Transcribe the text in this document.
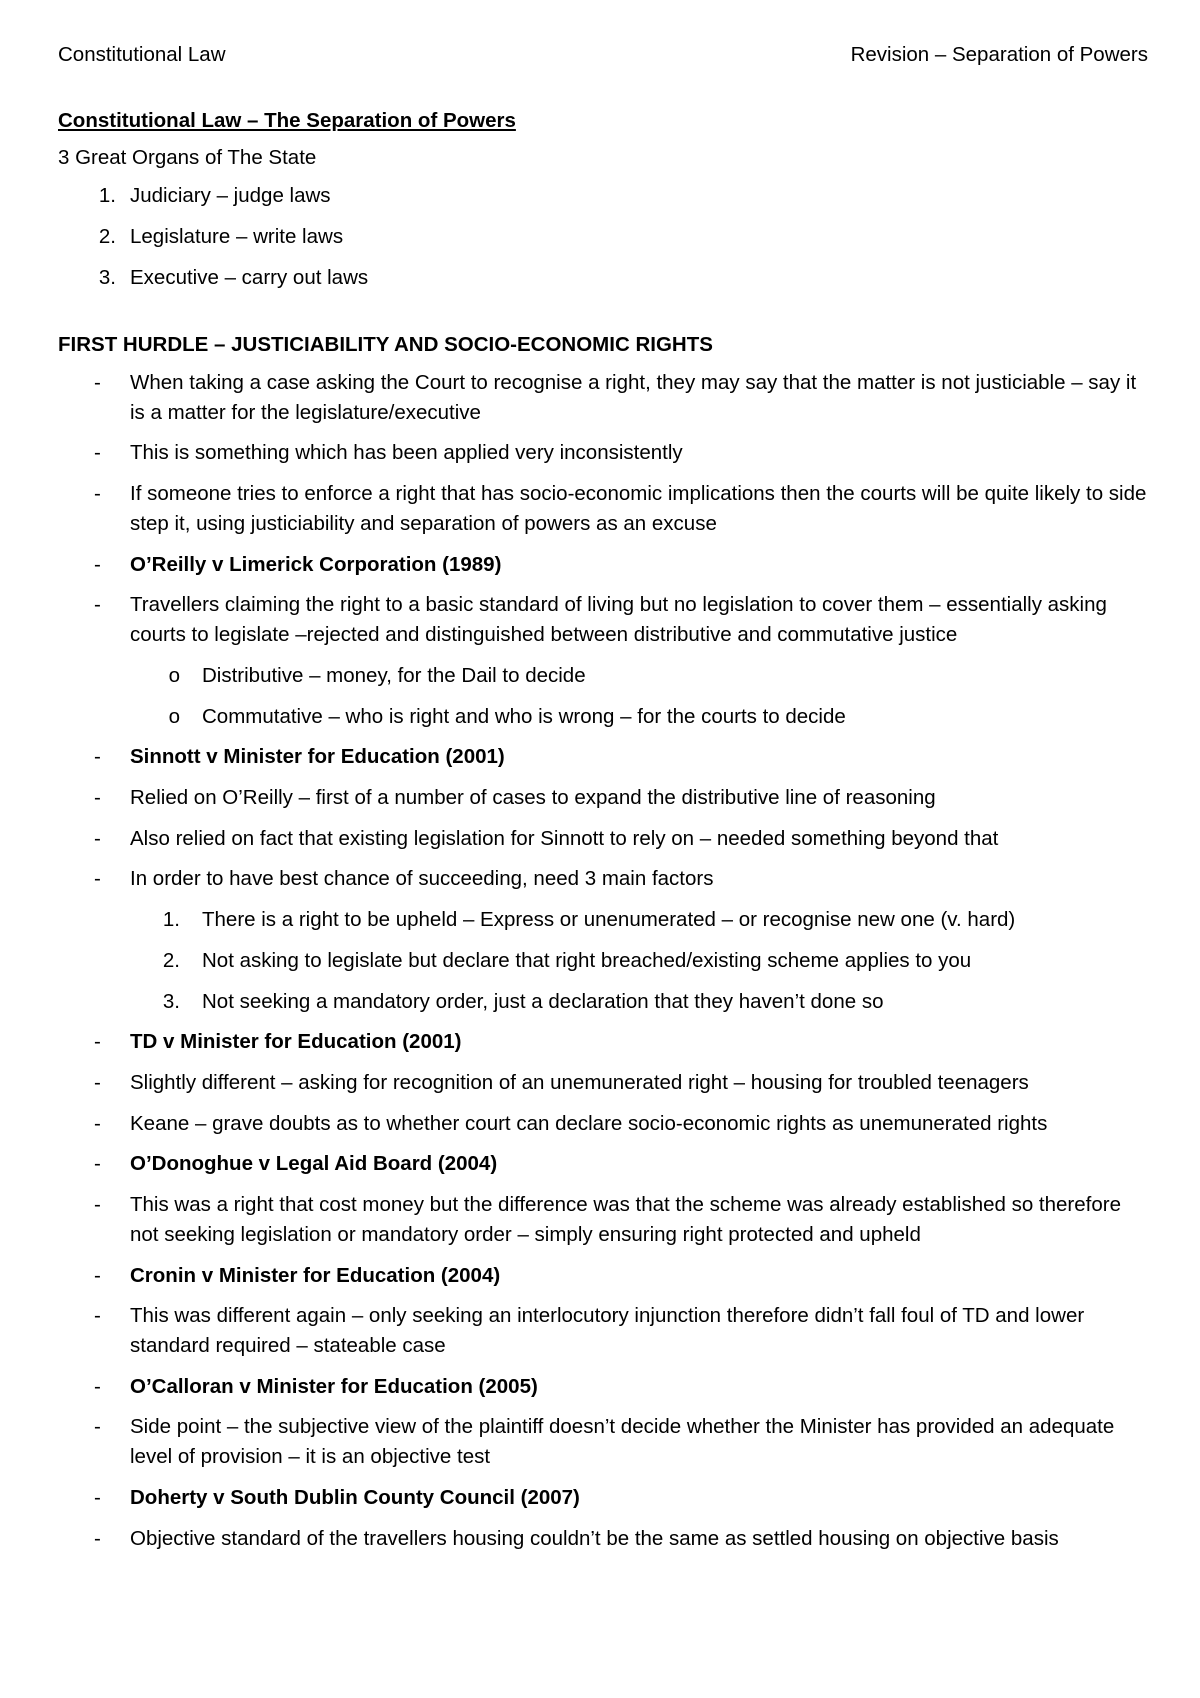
Constitutional Law	Revision – Separation of Powers
Constitutional Law – The Separation of Powers
3 Great Organs of The State
1. Judiciary – judge laws
2. Legislature – write laws
3. Executive – carry out laws
FIRST HURDLE – JUSTICIABILITY AND SOCIO-ECONOMIC RIGHTS
-	When taking a case asking the Court to recognise a right, they may say that the matter is not justiciable – say it is a matter for the legislature/executive
-	This is something which has been applied very inconsistently
-	If someone tries to enforce a right that has socio-economic implications then the courts will be quite likely to side step it, using justiciability and separation of powers as an excuse
-	O’Reilly v Limerick Corporation (1989)
-	Travellers claiming the right to a basic standard of living but no legislation to cover them – essentially asking courts to legislate –rejected and distinguished between distributive and commutative justice
o	Distributive – money, for the Dail to decide
o	Commutative – who is right and who is wrong – for the courts to decide
-	Sinnott v Minister for Education (2001)
-	Relied on O’Reilly – first of a number of cases to expand the distributive line of reasoning
-	Also relied on fact that existing legislation for Sinnott to rely on – needed something beyond that
-	In order to have best chance of succeeding, need 3 main factors
1.	There is a right to be upheld – Express or unenumerated – or recognise new one (v. hard)
2.	Not asking to legislate but declare that right breached/existing scheme applies to you
3.	Not seeking a mandatory order, just a declaration that they haven’t done so
-	TD v Minister for Education (2001)
-	Slightly different – asking for recognition of an unemunerated right – housing for troubled teenagers
-	Keane – grave doubts as to whether court can declare socio-economic rights as unemunerated rights
-	O’Donoghue v Legal Aid Board (2004)
-	This was a right that cost money but the difference was that the scheme was already established so therefore not seeking legislation or mandatory order – simply ensuring right protected and upheld
-	Cronin v Minister for Education (2004)
-	This was different again – only seeking an interlocutory injunction therefore didn’t fall foul of TD and lower standard required – stateable case
-	O’Calloran v Minister for Education (2005)
-	Side point – the subjective view of the plaintiff doesn’t decide whether the Minister has provided an adequate level of provision – it is an objective test
-	Doherty v South Dublin County Council (2007)
-	Objective standard of the travellers housing couldn’t be the same as settled housing on objective basis
